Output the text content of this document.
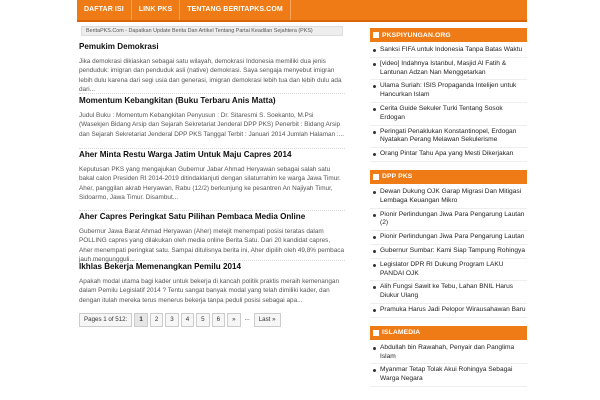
DAFTAR ISI	LINK PKS	TENTANG BERITAPKS.COM
BeritaPKS.Com - Dapatkan Update Berita Dan Artikel Tentang Partai Keadilan Sejahtera (PKS)
Pemukim Demokrasi

Jika demokrasi dikiaskan sebagai satu wilayah, demokrasi Indonesia memiliki dua jenis penduduk: imigran dan penduduk asli (native) demokrasi. Saya sengaja menyebut imigran lebih dulu karena dari segi usia dan generasi, imigran demokrasi lebih tua dan lebih dulu ada dari...

Momentum Kebangkitan (Buku Terbaru Anis Matta)

Judul Buku : Momentum Kebangkitan Penyusun : Dr. Sitaresmi S. Soekanto, M.Psi (Wasekjen Bidang Arsip dan Sejarah Sekretariat Jenderal DPP PKS) Penerbit : Bidang Arsip dan Sejarah Sekretariat Jenderal DPP PKS Tanggal Terbit : Januari 2014 Jumlah Halaman :...

Aher Minta Restu Warga Jatim Untuk Maju Capres 2014

Keputusan PKS yang mengajukan Gubernur Jabar Ahmad Heryawan sebagai salah satu bakal calon Presiden RI 2014-2019 ditindaklanjuti dengan silaturrahim ke warga Jawa Timur. Aher, panggilan akrab Heryawan, Rabu (12/2) berkunjung ke pesantren An Najiyah Timur, Sidoarmo, Jawa Timur. Disambut...

Aher Capres Peringkat Satu Pilihan Pembaca Media Online

Gubernur Jawa Barat Ahmad Heryawan (Aher) melejit menempati posisi teratas dalam POLLING capres yang dilakukan oleh media online Berita Satu. Dari 20 kandidat capres, Aher menempati peringkat satu. Sampai ditulisnya berita ini, Aher dipilih oleh 49,8% pembaca jauh mengungguli...

Ikhlas Bekerja Memenangkan Pemilu 2014

Apakah modal utama bagi kader untuk bekerja di kancah politik praktis meraih kemenangan dalam Pemilu Legislatif 2014 ? Tentu sangat banyak modal yang telah dimiliki kader, dan dengan itulah mereka terus menerus bekerja tanpa peduli posisi sebagai apa...

Pages 1 of 512:	1	2	3	4	5	6	»	...	Last »
PKSPIYUNGAN.ORG
Sanksi FIFA untuk Indonesia Tanpa Batas Waktu
[video] Indahnya Istanbul, Masjid Al Fatih & Lantunan Adzan Nan Menggetarkan
Ulama Suriah: ISIS Propaganda Intelijen untuk Hancurkan Islam
Cerita Guide Sekuler Turki Tentang Sosok Erdogan
Peringati Penaklukan Konstantinopel, Erdogan Nyatakan Perang Melawan Sekulerisme
Orang Pintar Tahu Apa yang Mesti Dikerjakan
DPP PKS
Dewan Dukung OJK Garap Migrasi Dan Mitigasi Lembaga Keuangan Mikro
Pionir Perlindungan Jiwa Para Pengarung Lautan (2)
Pionir Perlindungan Jiwa Para Pengarung Lautan
Gubernur Sumbar: Kami Siap Tampung Rohingya
Legislator DPR RI Dukung Program LAKU PANDAI OJK
Alih Fungsi Sawit ke Tebu, Lahan BNIL Harus Diukur Ulang
Pramuka Harus Jadi Pelopor Wirausahawan Baru
ISLAMEDIA
Abdullah bin Rawahah, Penyair dan Panglima Islam
Myanmar Tetap Tolak Akui Rohingya Sebagai Warga Negara
